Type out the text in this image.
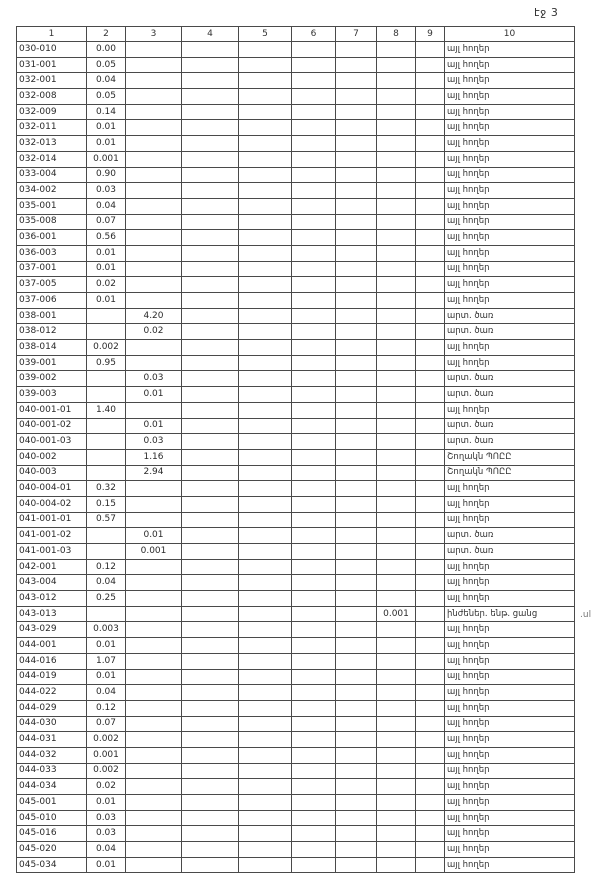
էջ 3
1	2	3	4	5	6	7	8	9	10
030-010	0.00								այլ հողեր
031-001	0.05								այլ հողեր
032-001	0.04								այլ հողեր
032-008	0.05								այլ հողեր
032-009	0.14								այլ հողեր
032-011	0.01								այլ հողեր
032-013	0.01								այլ հողեր
032-014	0.001								այլ հողեր
033-004	0.90								այլ հողեր
034-002	0.03								այլ հողեր
035-001	0.04								այլ հողեր
035-008	0.07								այլ հողեր
036-001	0.56								այլ հողեր
036-003	0.01								այլ հողեր
037-001	0.01								այլ հողեր
037-005	0.02								այլ հողեր
037-006	0.01								այլ հողեր
038-001		4.20							արտ. ծառ
038-012		0.02							արտ. ծառ
038-014	0.002								այլ հողեր
039-001	0.95								այլ հողեր
039-002		0.03							արտ. ծառ
039-003		0.01							արտ. ծառ
040-001-01	1.40								այլ հողեր
040-001-02		0.01							արտ. ծառ
040-001-03		0.03							արտ. ծառ
040-002		1.16							Շողակն ՊՈԸԸ
040-003		2.94							Շողակն ՊՈԸԸ
040-004-01	0.32								այլ հողեր
040-004-02	0.15								այլ հողեր
041-001-01	0.57								այլ հողեր
041-001-02		0.01							արտ. ծառ
041-001-03		0.001							արտ. ծառ
042-001	0.12								այլ հողեր
043-004	0.04								այլ հողեր
043-012	0.25								այլ հողեր
043-013							0.001		ինժեներ. ենթ. ցանց
043-029	0.003								այլ հողեր
044-001	0.01								այլ հողեր
044-016	1.07								այլ հողեր
044-019	0.01								այլ հողեր
044-022	0.04								այլ հողեր
044-029	0.12								այլ հողեր
044-030	0.07								այլ հողեր
044-031	0.002								այլ հողեր
044-032	0.001								այլ հողեր
044-033	0.002								այլ հողեր
044-034	0.02								այլ հողեր
045-001	0.01								այլ հողեր
045-010	0.03								այլ հողեր
045-016	0.03								այլ հողեր
045-020	0.04								այլ հողեր
045-034	0.01								այլ հողեր
.ul
